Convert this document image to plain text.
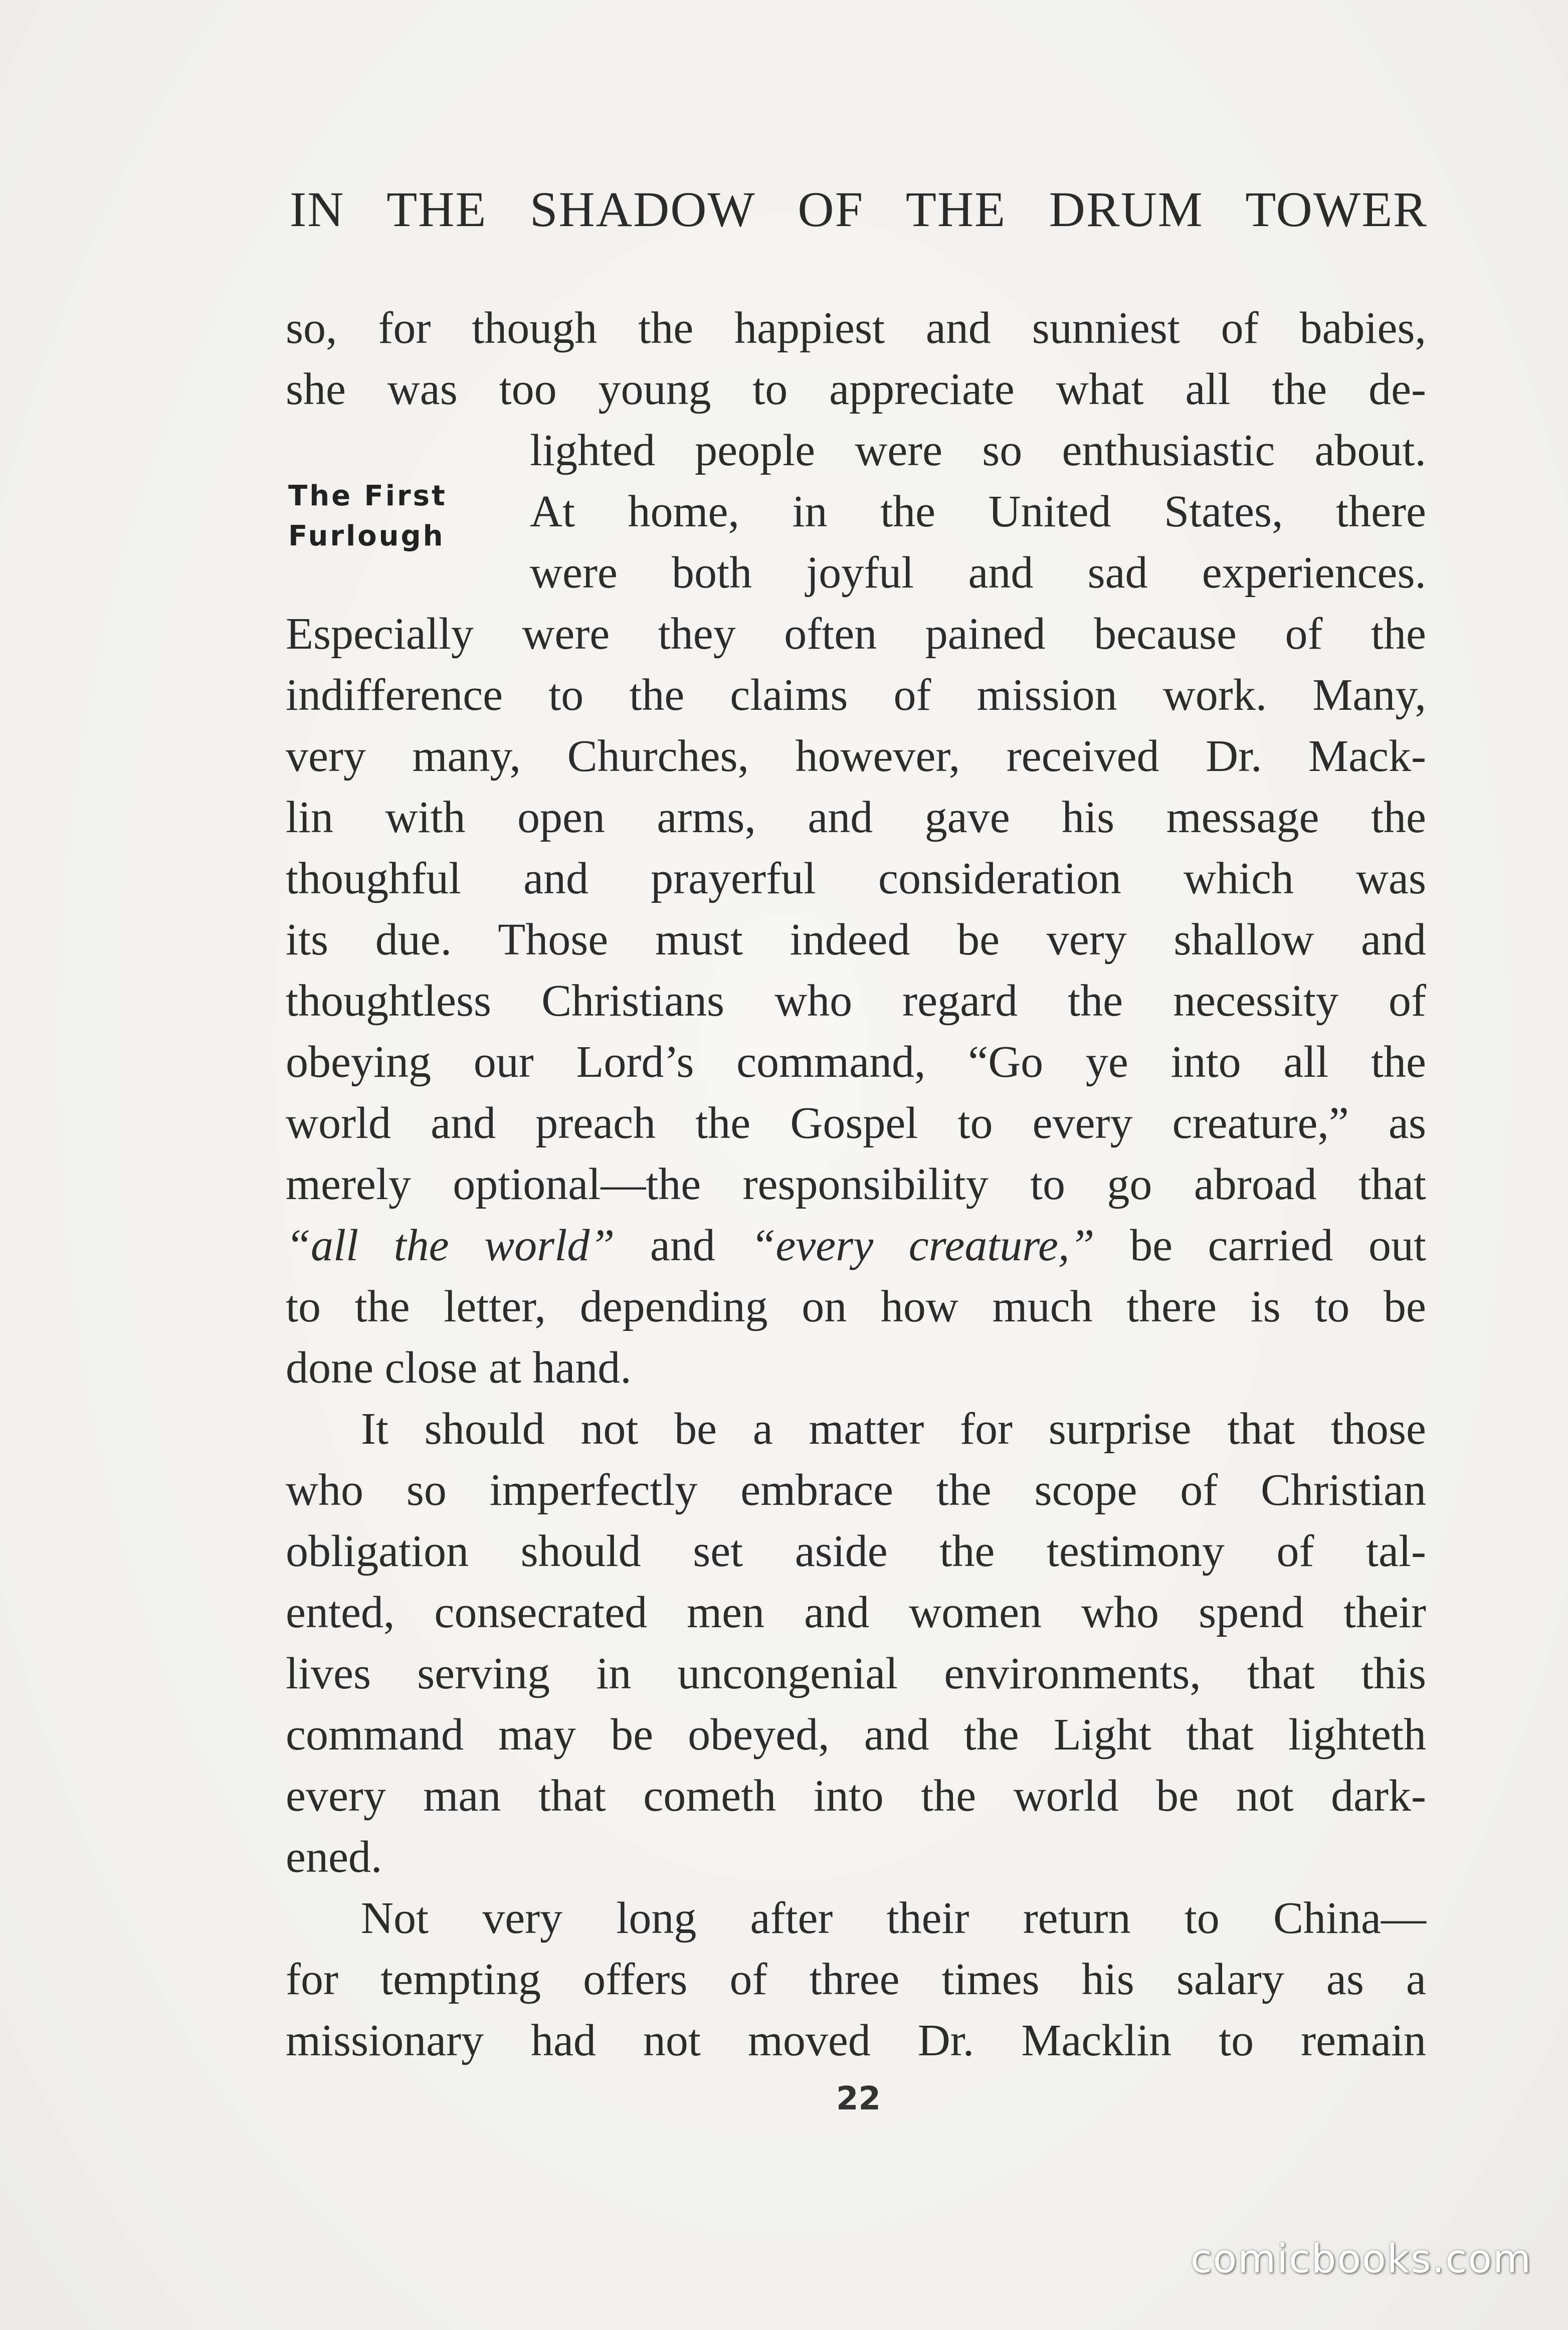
IN THE SHADOW OF THE DRUM TOWER
The First
Furlough
so, for though the happiest and sunniest of babies,
she was too young to appreciate what all the de-
lighted people were so enthusiastic about.
At home, in the United States, there
were both joyful and sad experiences.
Especially were they often pained because of the
indifference to the claims of mission work. Many,
very many, Churches, however, received Dr. Mack-
lin with open arms, and gave his message the
thoughful and prayerful consideration which was
its due. Those must indeed be very shallow and
thoughtless Christians who regard the necessity of
obeying our Lord’s command, “Go ye into all the
world and preach the Gospel to every creature,” as
merely optional—the responsibility to go abroad that
“all the world” and “every creature,” be carried out
to the letter, depending on how much there is to be
done close at hand.
It should not be a matter for surprise that those
who so imperfectly embrace the scope of Christian
obligation should set aside the testimony of tal-
ented, consecrated men and women who spend their
lives serving in uncongenial environments, that this
command may be obeyed, and the Light that lighteth
every man that cometh into the world be not dark-
ened.
Not very long after their return to China—
for tempting offers of three times his salary as a
missionary had not moved Dr. Macklin to remain
22
comicbooks.com
